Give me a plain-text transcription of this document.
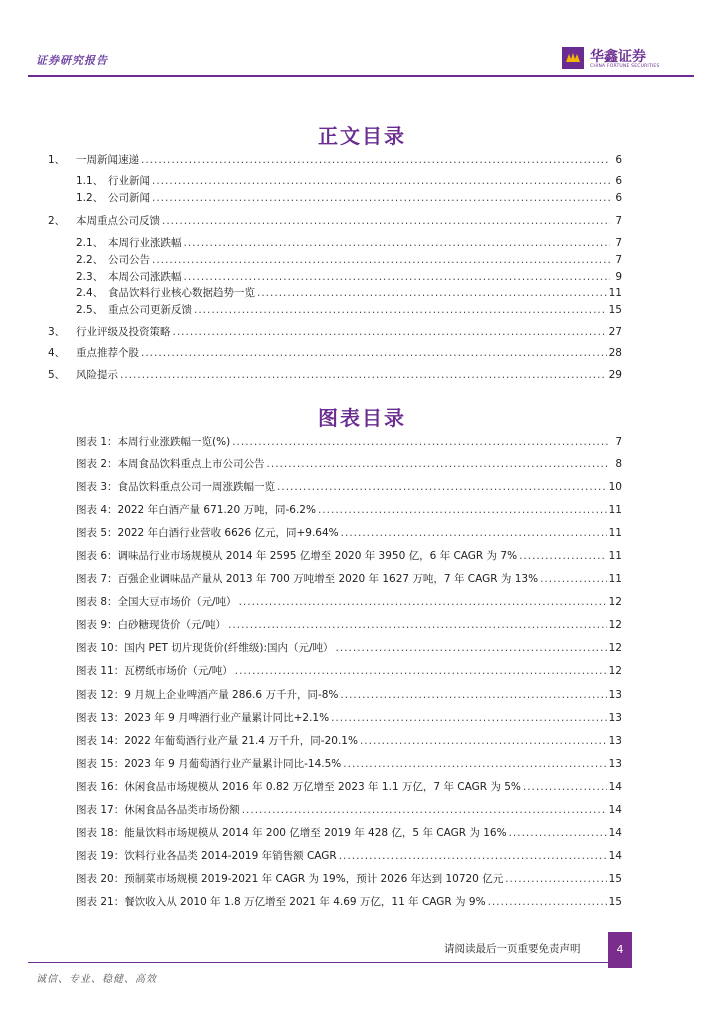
证券研究报告	华鑫证券
CHINA FORTUNE SECURITIES
正文目录
1、	一周新闻速递 .....	6
1.1、 行业新闻 .....	6
1.2、 公司新闻 .....	6
2、	本周重点公司反馈 .....	7
2.1、 本周行业涨跌幅 .....	7
2.2、 公司公告 .....	7
2.3、 本周公司涨跌幅 .....	9
2.4、 食品饮料行业核心数据趋势一览 .....	11
2.5、 重点公司更新反馈 .....	15
3、	行业评级及投资策略 .....	27
4、	重点推荐个股 .....	28
5、	风险提示 .....	29
图表目录
图表 1：本周行业涨跌幅一览(%) .....	7
图表 2：本周食品饮料重点上市公司公告 .....	8
图表 3：食品饮料重点公司一周涨跌幅一览 .....	10
图表 4：2022 年白酒产量 671.20 万吨，同-6.2% .....	11
图表 5：2022 年白酒行业营收 6626 亿元，同+9.64% .....	11
图表 6：调味品行业市场规模从 2014 年 2595 亿增至 2020 年 3950 亿，6 年 CAGR 为 7% .....	11
图表 7：百强企业调味品产量从 2013 年 700 万吨增至 2020 年 1627 万吨，7 年 CAGR 为 13% .....	11
图表 8：全国大豆市场价（元/吨） .....	12
图表 9：白砂糖现货价（元/吨） .....	12
图表 10：国内 PET 切片现货价(纤维级):国内（元/吨） .....	12
图表 11：瓦楞纸市场价（元/吨） .....	12
图表 12：9 月规上企业啤酒产量 286.6 万千升，同-8% .....	13
图表 13：2023 年 9 月啤酒行业产量累计同比+2.1% .....	13
图表 14：2022 年葡萄酒行业产量 21.4 万千升，同-20.1% .....	13
图表 15：2023 年 9 月葡萄酒行业产量累计同比-14.5% .....	13
图表 16：休闲食品市场规模从 2016 年 0.82 万亿增至 2023 年 1.1 万亿，7 年 CAGR 为 5% .....	14
图表 17：休闲食品各品类市场份额 .....	14
图表 18：能量饮料市场规模从 2014 年 200 亿增至 2019 年 428 亿，5 年 CAGR 为 16% .....	14
图表 19：饮料行业各品类 2014-2019 年销售额 CAGR .....	14
图表 20：预制菜市场规模 2019-2021 年 CAGR 为 19%，预计 2026 年达到 10720 亿元 .....	15
图表 21：餐饮收入从 2010 年 1.8 万亿增至 2021 年 4.69 万亿，11 年 CAGR 为 9% .....	15
请阅读最后一页重要免责声明	4
诚信、专业、稳健、高效
